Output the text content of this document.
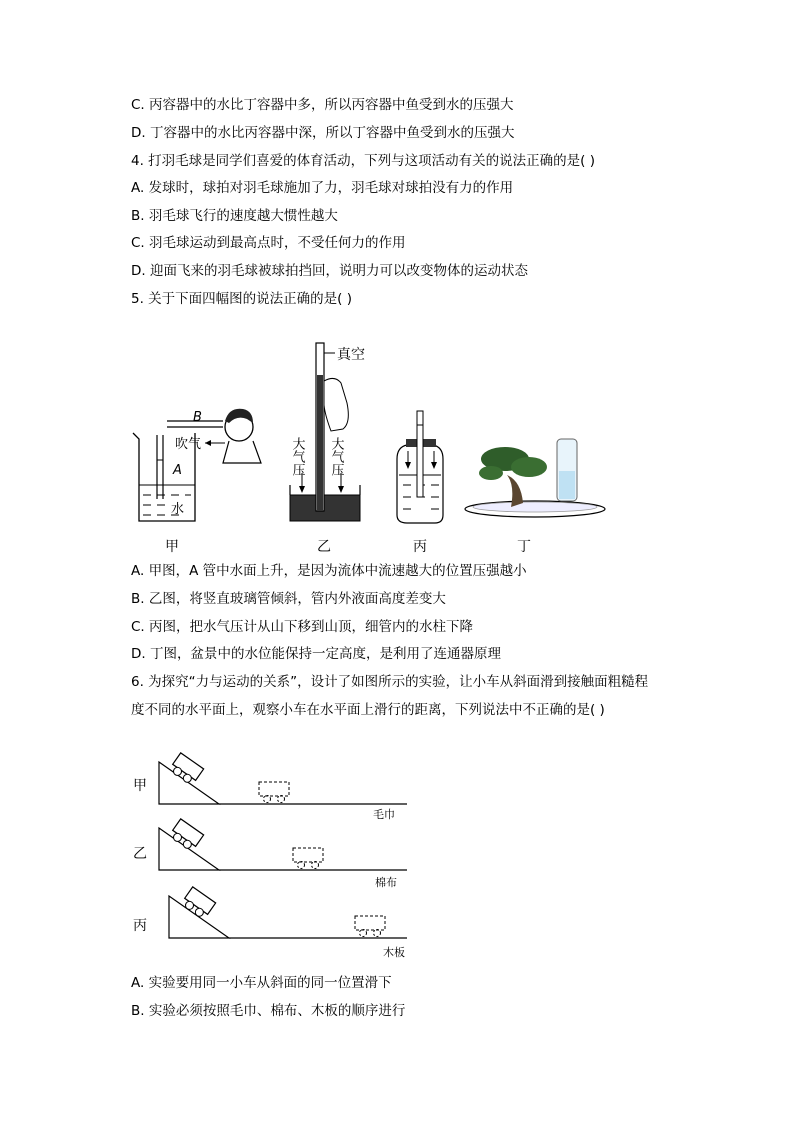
C. 丙容器中的水比丁容器中多，所以丙容器中鱼受到水的压强大
D. 丁容器中的水比丙容器中深，所以丁容器中鱼受到水的压强大
4. 打羽毛球是同学们喜爱的体育活动，下列与这项活动有关的说法正确的是( )
A. 发球时，球拍对羽毛球施加了力，羽毛球对球拍没有力的作用
B. 羽毛球飞行的速度越大惯性越大
C. 羽毛球运动到最高点时，不受任何力的作用
D. 迎面飞来的羽毛球被球拍挡回，说明力可以改变物体的运动状态
5. 关于下面四幅图的说法正确的是( )
B
吹气
A
水
甲
真空
大气压 大气压
乙	丙	丁
A. 甲图，A 管中水面上升，是因为流体中流速越大的位置压强越小
B. 乙图，将竖直玻璃管倾斜，管内外液面高度差变大
C. 丙图，把水气压计从山下移到山顶，细管内的水柱下降
D. 丁图，盆景中的水位能保持一定高度，是利用了连通器原理
6. 为探究“力与运动的关系”，设计了如图所示的实验，让小车从斜面滑到接触面粗糙程
度不同的水平面上，观察小车在水平面上滑行的距离，下列说法中不正确的是( )
甲
毛巾
乙
棉布
丙
木板
A. 实验要用同一小车从斜面的同一位置滑下
B. 实验必须按照毛巾、棉布、木板的顺序进行
